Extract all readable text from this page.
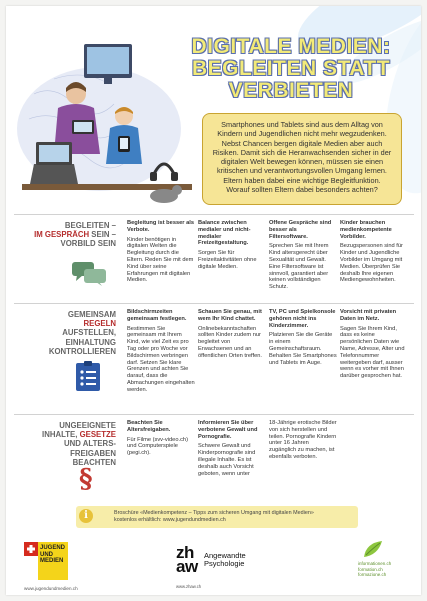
DIGITALE MEDIEN:
BEGLEITEN STATT
VERBIETEN
Smartphones und Tablets sind aus dem Alltag von Kindern und Jugendlichen nicht mehr wegzudenken. Nebst Chancen bergen digitale Medien aber auch Risiken. Damit sich die Heranwachsenden sicher in der digitalen Welt bewegen können, müssen sie einen kritischen und verantwortungsvollen Umgang lernen. Eltern haben dabei eine wichtige Begleitfunktion. Worauf sollten Eltern dabei besonders achten?
BEGLEITEN –
IM GESPRÄCH SEIN –
VORBILD SEIN
Begleitung ist besser als Verbote.
Kinder benötigen in digitalen Welten die Begleitung durch die Eltern. Reden Sie mit dem Kind über seine Erfahrungen mit digitalen Medien.
Balance zwischen medialer und nicht-medialer Freizeitgestaltung.
Sorgen Sie für Freizeitaktivitäten ohne digitale Medien.
Offene Gespräche sind besser als Filtersoftware.
Sprechen Sie mit Ihrem Kind altersgerecht über Sexualität und Gewalt. Eine Filtersoftware ist sinnvoll, garantiert aber keinen vollständigen Schutz.
Kinder brauchen medienkompetente Vorbilder.
Bezugspersonen sind für Kinder und Jugendliche Vorbilder im Umgang mit Medien. Überprüfen Sie deshalb Ihre eigenen Mediengewohnheiten.
GEMEINSAM
REGELN
AUFSTELLEN,
EINHALTUNG
KONTROLLIEREN
Bildschirmzeiten gemeinsam festlegen.
Bestimmen Sie gemeinsam mit Ihrem Kind, wie viel Zeit es pro Tag oder pro Woche vor Bildschirmen verbringen darf. Setzen Sie klare Grenzen und achten Sie darauf, dass die Abmachungen eingehalten werden.
Schauen Sie genau, mit wem Ihr Kind chattet.
Onlinebekanntschaften sollten Kinder zudem nur begleitet von Erwachsenen und an öffentlichen Orten treffen.
TV, PC und Spielkonsole gehören nicht ins Kinderzimmer.
Platzieren Sie die Geräte in einem Gemeinschaftsraum. Behalten Sie Smartphones und Tablets im Auge.
Vorsicht mit privaten Daten im Netz.
Sagen Sie Ihrem Kind, dass es keine persönlichen Daten wie Name, Adresse, Alter und Telefonnummer weitergeben darf, ausser wenn es vorher mit Ihnen darüber gesprochen hat.
UNGEEIGNETE
INHALTE, GESETZE
UND ALTERS-
FREIGABEN
BEACHTEN
§
Beachten Sie Altersfreigaben.
Für Filme (svv-video.ch) und Computerspiele (pegi.ch).
Informieren Sie über verbotene Gewalt und Pornografie.
Schwere Gewalt und Kinderpornografie sind illegale Inhalte. Es ist deshalb auch Vorsicht geboten, wenn unter
18-Jährige erotische Bilder von sich herstellen und teilen. Pornografie Kindern unter 16 Jahren zugänglich zu machen, ist ebenfalls verboten.
Broschüre «Medienkompetenz – Tipps zum sicheren Umgang mit digitalen Medien»
kostenlos erhältlich: www.jugendundmedien.ch
i
JUGEND
UND
MEDIEN
www.jugendundmedien.ch
zh
aw
Angewandte
Psychologie
www.zhaw.ch
informationen.ch
formation.ch
formazione.ch
